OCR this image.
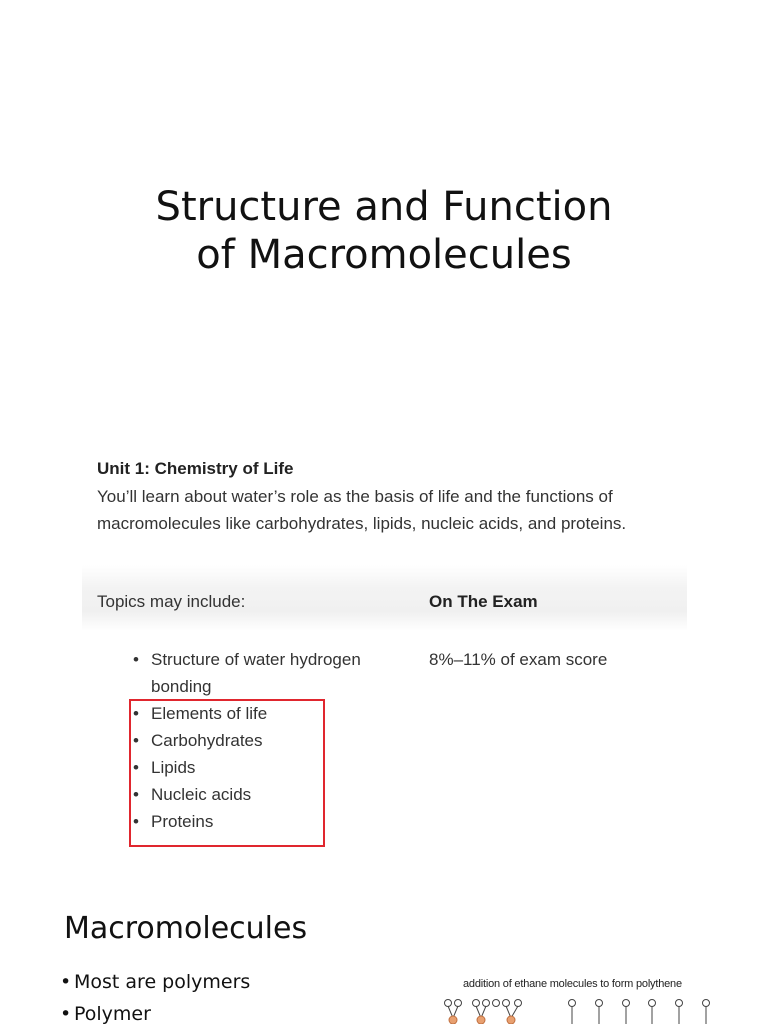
Structure and Function
of Macromolecules
Unit 1: Chemistry of Life
You’ll learn about water’s role as the basis of life and the functions of macromolecules like carbohydrates, lipids, nucleic acids, and proteins.
Topics may include:	On The Exam
• Structure of water hydrogen bonding
• Elements of life
• Carbohydrates
• Lipids
• Nucleic acids
• Proteins
8%–11% of exam score
Macromolecules
• Most are polymers
• Polymer
addition of ethane molecules to form polythene
